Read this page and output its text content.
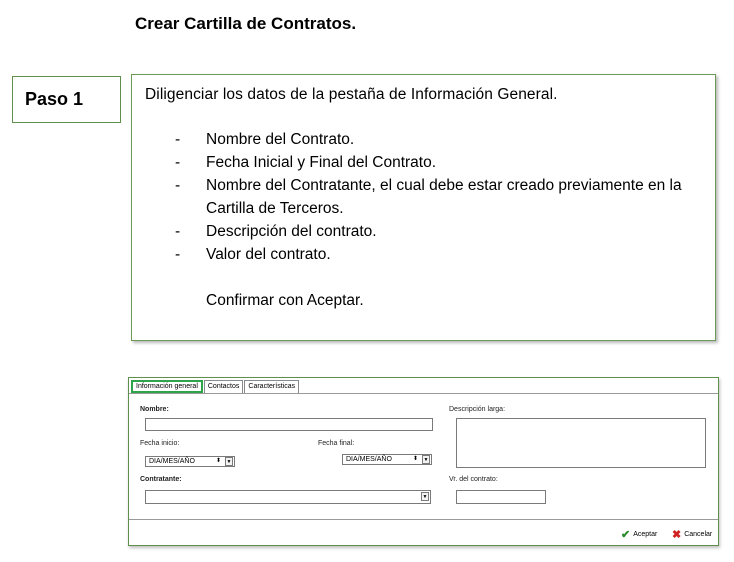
Crear Cartilla de Contratos.
Paso 1	Diligenciar los datos de la pestaña de Información General.
- Nombre del Contrato.
- Fecha Inicial y Final del Contrato.
- Nombre del Contratante, el cual debe estar creado previamente en la Cartilla de Terceros.
- Descripción del contrato.
- Valor del contrato.
Confirmar con Aceptar.
Información general	Contactos	Características
Nombre:
Fecha inicio:
DIA/MES/AÑO	⬍	▼
Fecha final:
DIA/MES/AÑO	⬍	▼
Contratante:
▼
Descripción larga:
Vr. del contrato:
✔ Aceptar ✖ Cancelar
